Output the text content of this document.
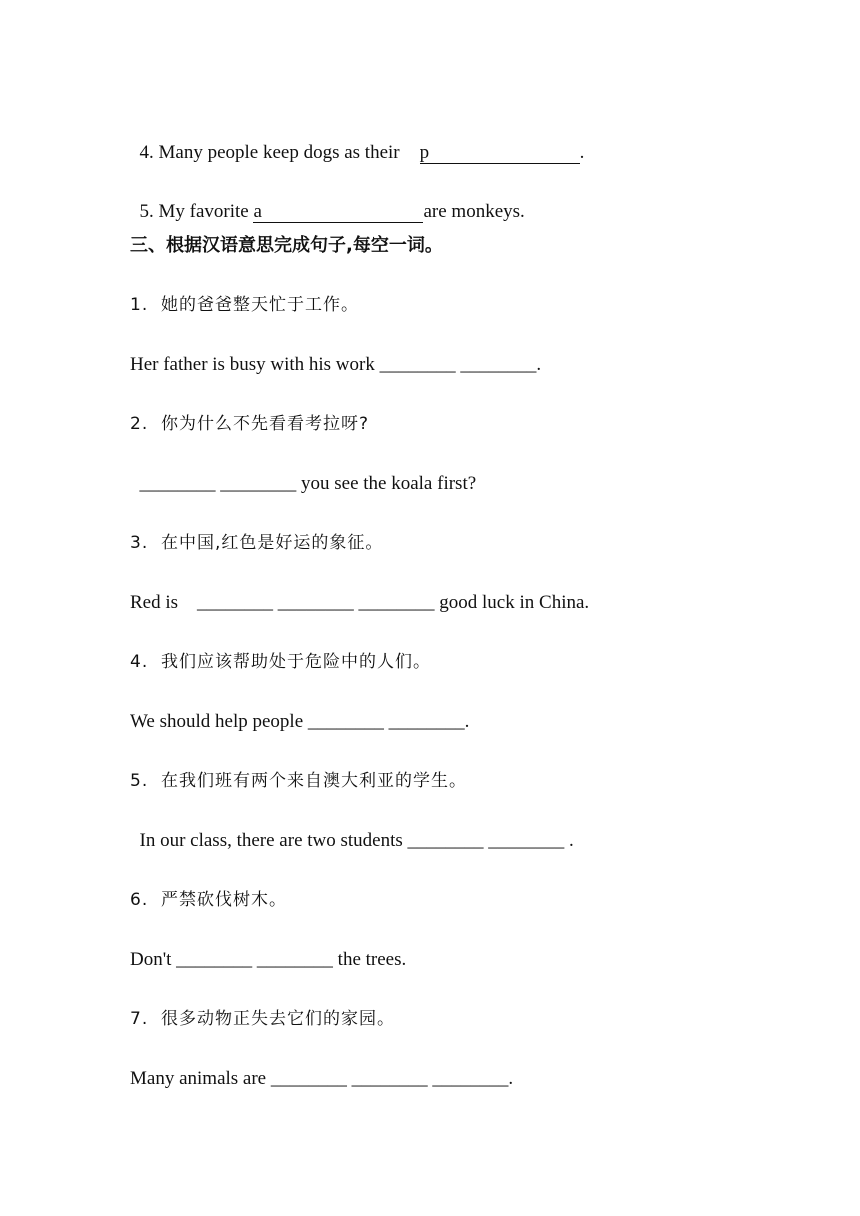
4. Many people keep dogs as their p	.

5. My favorite a	are monkeys.

三、根据汉语意思完成句子,每空一词。
1.  她的爸爸整天忙于工作。
Her father is busy with his work ________ ________.
2.  你为什么不先看看考拉呀?
________ ________ you see the koala first?
3.  在中国,红色是好运的象征。
Red is    ________ ________ ________ good luck in China.
4.  我们应该帮助处于危险中的人们。
We should help people ________ ________.
5.  在我们班有两个来自澳大利亚的学生。
In our class, there are two students ________ ________ .
6.  严禁砍伐树木。
Don't ________ ________ the trees.
7.  很多动物正失去它们的家园。
Many animals are ________ ________ ________.
